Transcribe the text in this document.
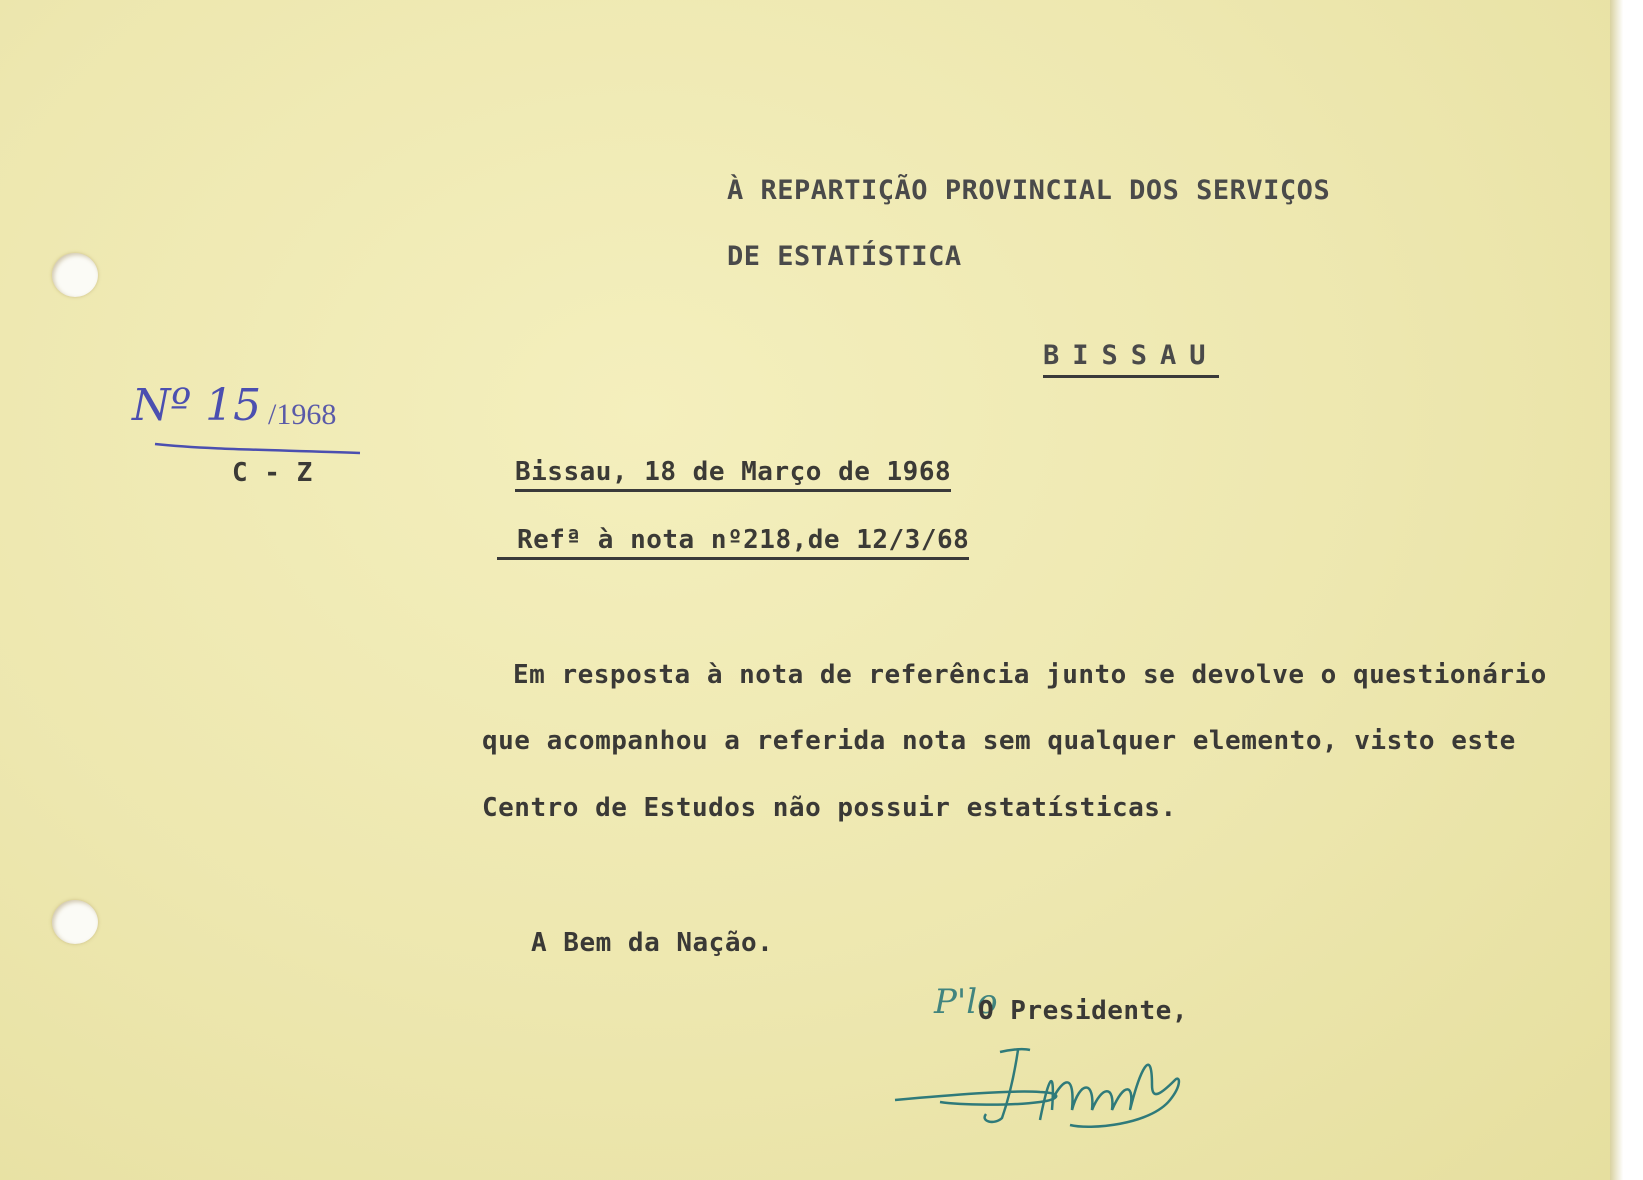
À REPARTIÇÃO PROVINCIAL DOS SERVIÇOS
DE ESTATÍSTICA
BISSAU
Nº 15 /1968
C - Z	Bissau, 18 de Março de 1968
Refª à nota nº218,de 12/3/68
Em resposta à nota de referência junto se devolve o questionário
que acompanhou a referida nota sem qualquer elemento, visto este
Centro de Estudos não possuir estatísticas.
A Bem da Nação.
P'lo
O Presidente,
